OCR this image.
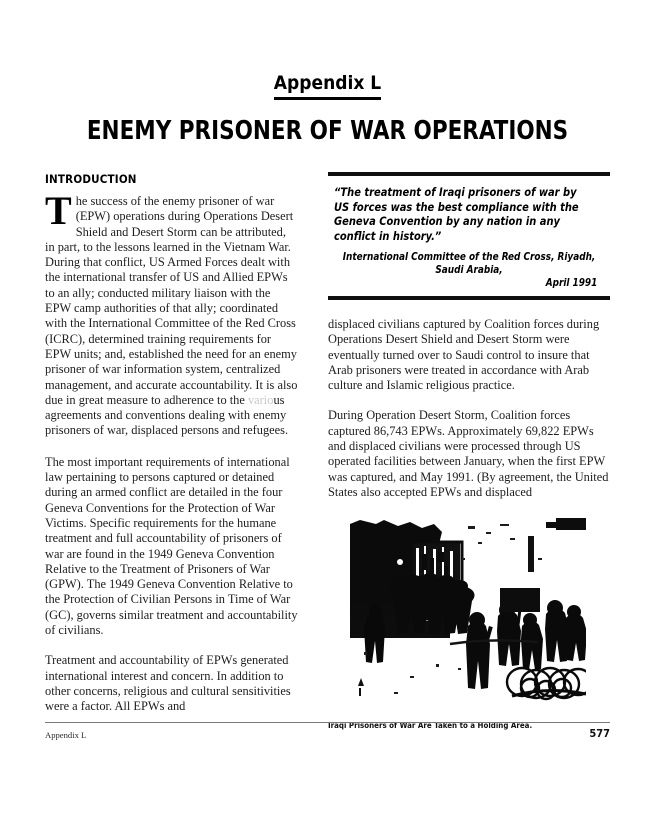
Appendix L
ENEMY PRISONER OF WAR OPERATIONS
INTRODUCTION

The success of the enemy prisoner of war (EPW) operations during Operations Desert Shield and Desert Storm can be attributed, in part, to the lessons learned in the Vietnam War. During that conflict, US Armed Forces dealt with the international transfer of US and Allied EPWs to an ally; conducted military liaison with the EPW camp authorities of that ally; coordinated with the International Committee of the Red Cross (ICRC), determined training requirements for EPW units; and, established the need for an enemy prisoner of war information system, centralized management, and accurate accountability. It is also due in great measure to adherence to the various agreements and conventions dealing with enemy prisoners of war, displaced persons and refugees.

The most important requirements of international law pertaining to persons captured or detained during an armed conflict are detailed in the four Geneva Conventions for the Protection of War Victims. Specific requirements for the humane treatment and full accountability of prisoners of war are found in the 1949 Geneva Convention Relative to the Treatment of Prisoners of War (GPW). The 1949 Geneva Convention Relative to the Protection of Civilian Persons in Time of War (GC), governs similar treatment and accountability of civilians.

Treatment and accountability of EPWs generated international interest and concern. In addition to other concerns, religious and cultural sensitivities were a factor. All EPWs and

“The treatment of Iraqi prisoners of war by US forces was the best compliance with the Geneva Convention by any nation in any conflict in history.”
International Committee of the Red Cross, Riyadh, Saudi Arabia,
April 1991

displaced civilians captured by Coalition forces during Operations Desert Shield and Desert Storm were eventually turned over to Saudi control to insure that Arab prisoners were treated in accordance with Arab culture and Islamic religious practice.

During Operation Desert Storm, Coalition forces captured 86,743 EPWs. Approximately 69,822 EPWs and displaced civilians were processed through US operated facilities between January, when the first EPW was captured, and May 1991. (By agreement, the United States also accepted EPWs and displaced

Iraqi Prisoners of War Are Taken to a Holding Area.
Appendix L	577
